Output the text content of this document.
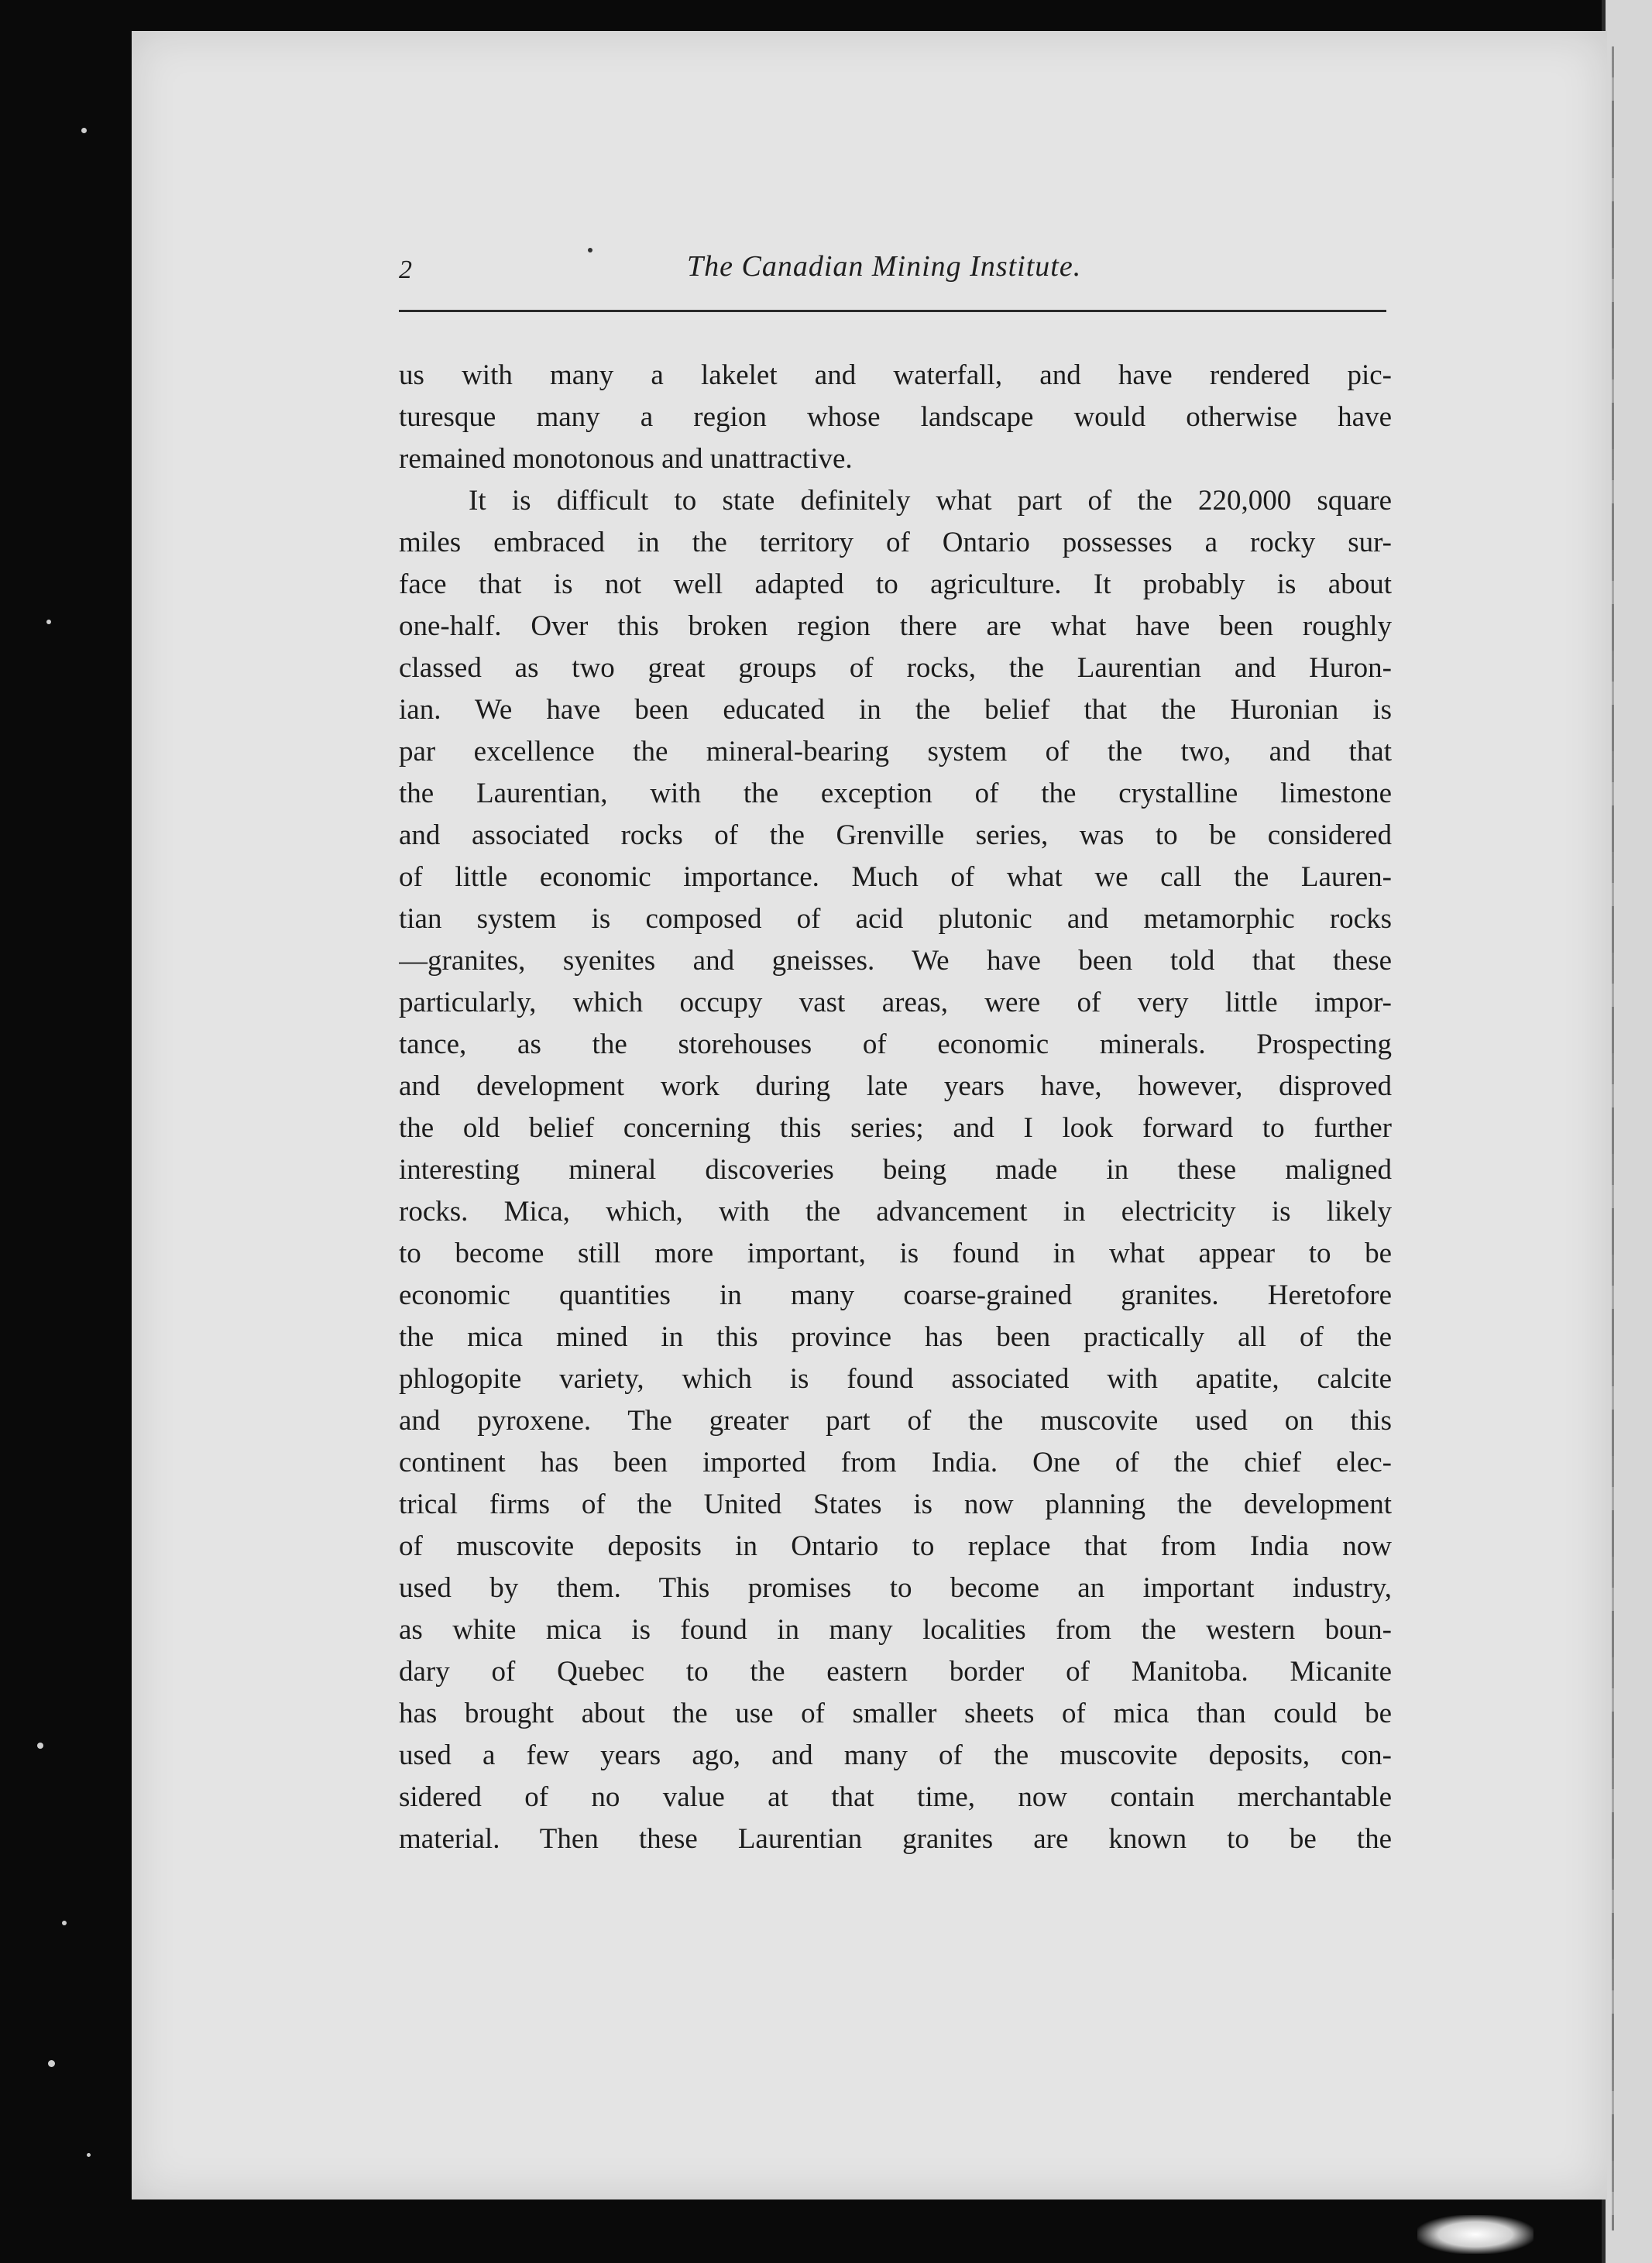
2	The Canadian Mining Institute.
us with many a lakelet and waterfall, and have rendered pic-
turesque many a region whose landscape would otherwise have
remained monotonous and unattractive.
It is difficult to state definitely what part of the 220,000 square
miles embraced in the territory of Ontario possesses a rocky sur-
face that is not well adapted to agriculture. It probably is about
one-half. Over this broken region there are what have been roughly
classed as two great groups of rocks, the Laurentian and Huron-
ian. We have been educated in the belief that the Huronian is
par excellence the mineral-bearing system of the two, and that
the Laurentian, with the exception of the crystalline limestone
and associated rocks of the Grenville series, was to be considered
of little economic importance. Much of what we call the Lauren-
tian system is composed of acid plutonic and metamorphic rocks
—granites, syenites and gneisses. We have been told that these
particularly, which occupy vast areas, were of very little impor-
tance, as the storehouses of economic minerals. Prospecting
and development work during late years have, however, disproved
the old belief concerning this series; and I look forward to further
interesting mineral discoveries being made in these maligned
rocks. Mica, which, with the advancement in electricity is likely
to become still more important, is found in what appear to be
economic quantities in many coarse-grained granites. Heretofore
the mica mined in this province has been practically all of the
phlogopite variety, which is found associated with apatite, calcite
and pyroxene. The greater part of the muscovite used on this
continent has been imported from India. One of the chief elec-
trical firms of the United States is now planning the development
of muscovite deposits in Ontario to replace that from India now
used by them. This promises to become an important industry,
as white mica is found in many localities from the western boun-
dary of Quebec to the eastern border of Manitoba. Micanite
has brought about the use of smaller sheets of mica than could be
used a few years ago, and many of the muscovite deposits, con-
sidered of no value at that time, now contain merchantable
material. Then these Laurentian granites are known to be the
